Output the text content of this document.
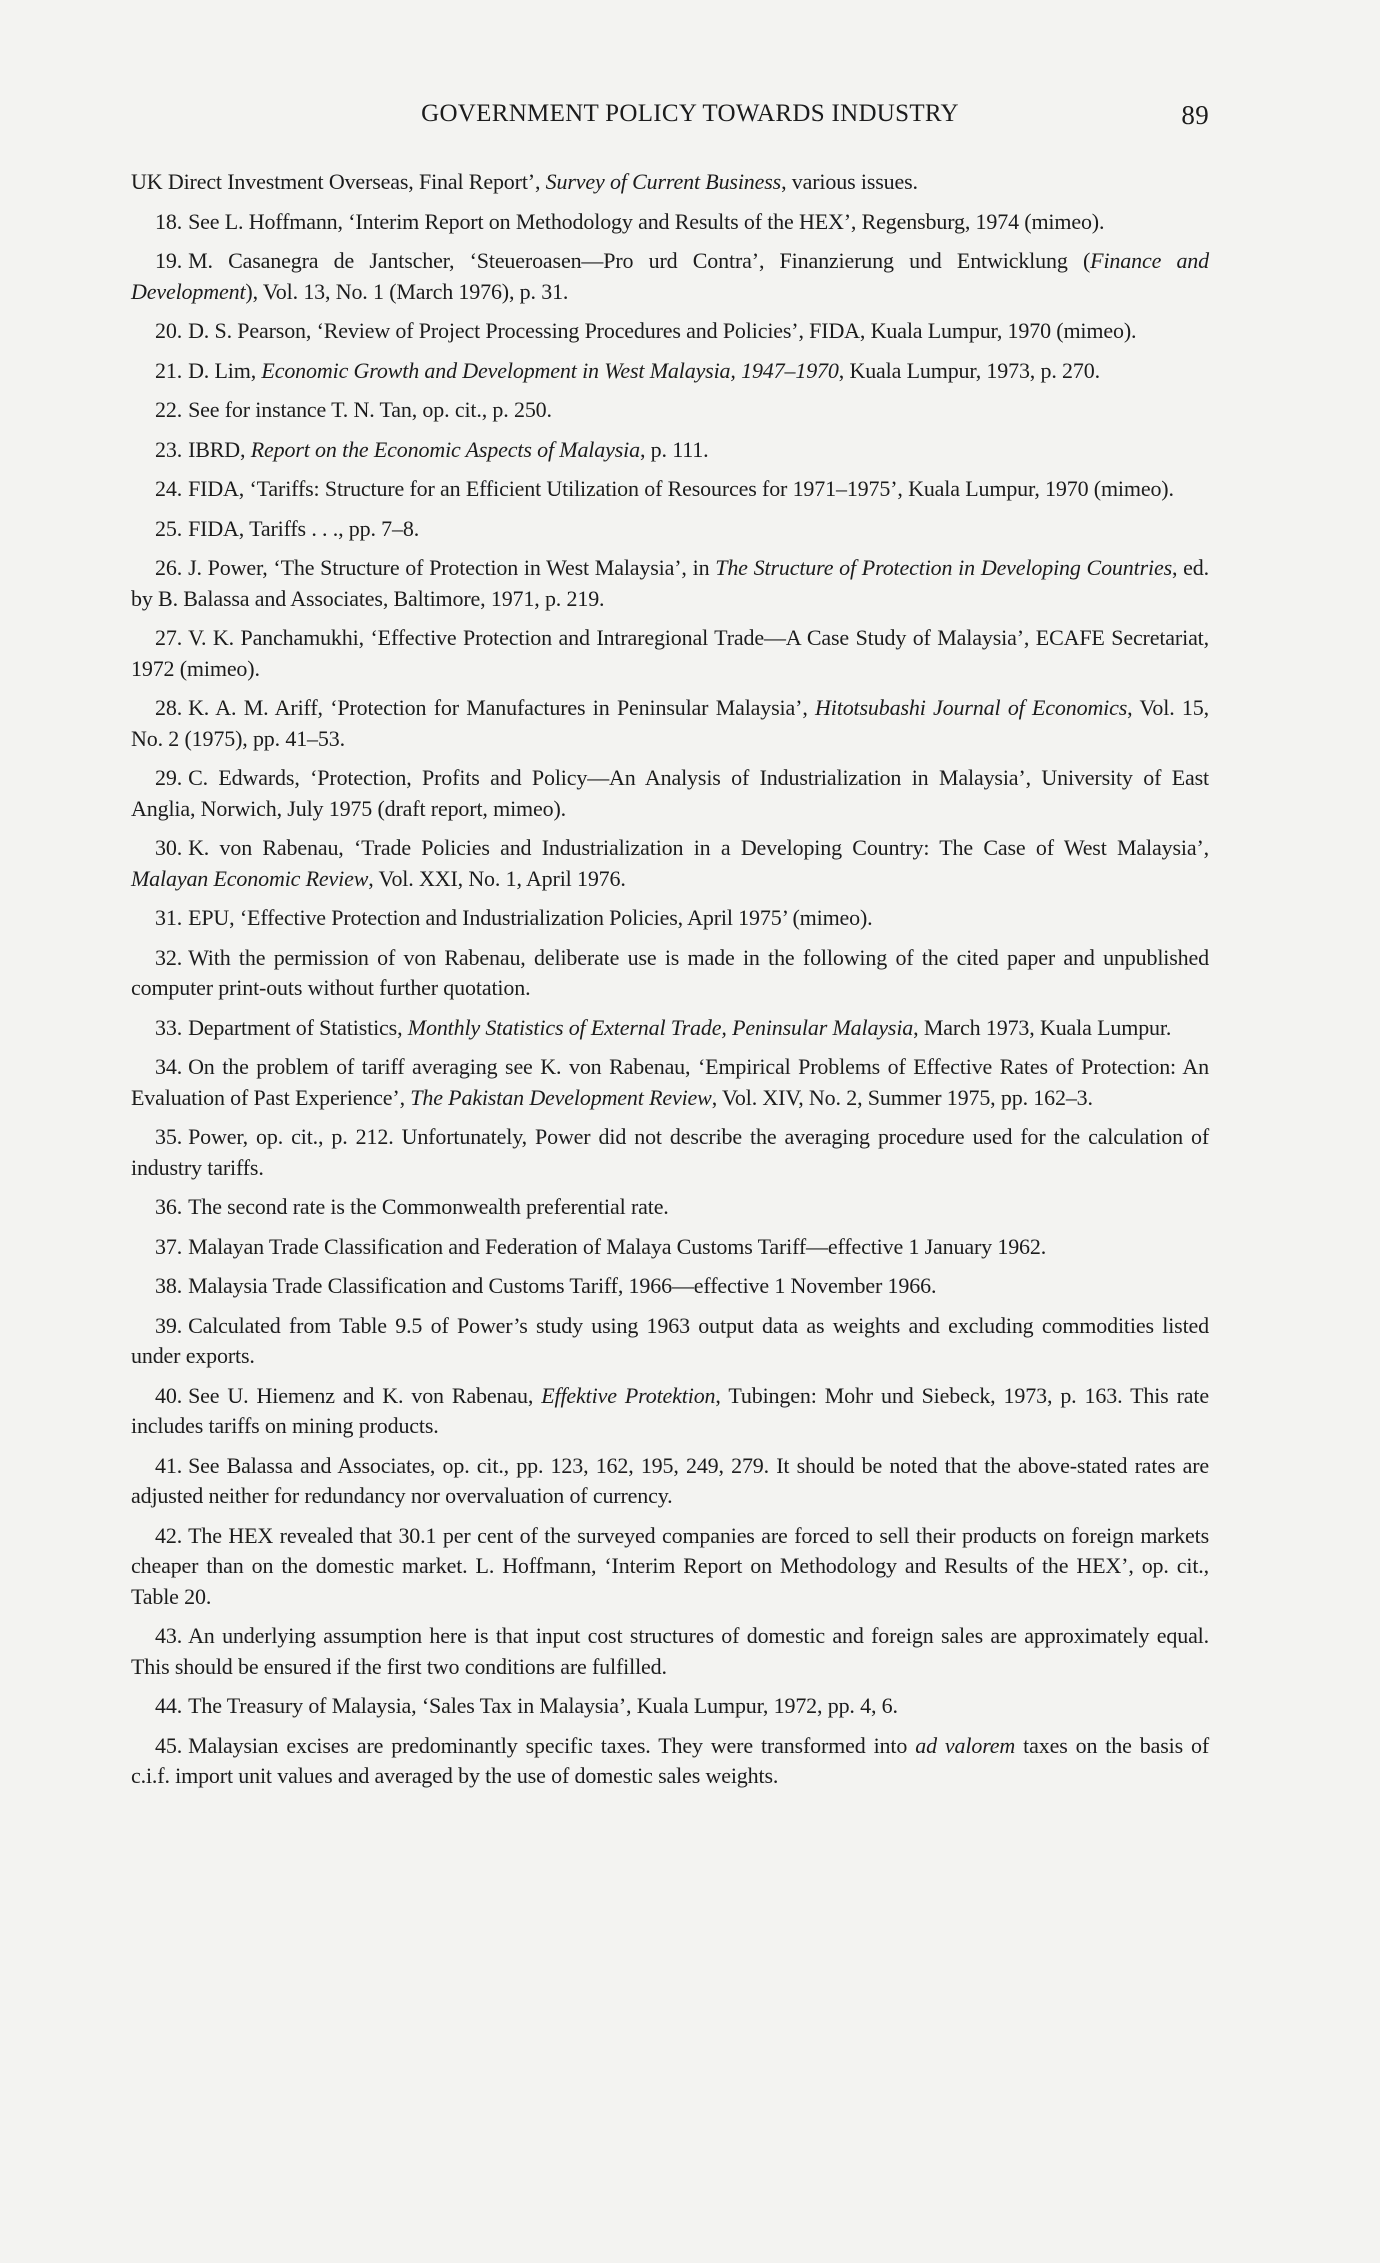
GOVERNMENT POLICY TOWARDS INDUSTRY	89

UK Direct Investment Overseas, Final Report’, Survey of Current Business, various issues.

18. See L. Hoffmann, ‘Interim Report on Methodology and Results of the HEX’, Regensburg, 1974 (mimeo).

19. M. Casanegra de Jantscher, ‘Steueroasen—Pro urd Contra’, Finanzierung und Entwicklung (Finance and Development), Vol. 13, No. 1 (March 1976), p. 31.

20. D. S. Pearson, ‘Review of Project Processing Procedures and Policies’, FIDA, Kuala Lumpur, 1970 (mimeo).

21. D. Lim, Economic Growth and Development in West Malaysia, 1947–1970, Kuala Lumpur, 1973, p. 270.

22. See for instance T. N. Tan, op. cit., p. 250.

23. IBRD, Report on the Economic Aspects of Malaysia, p. 111.

24. FIDA, ‘Tariffs: Structure for an Efficient Utilization of Resources for 1971–1975’, Kuala Lumpur, 1970 (mimeo).

25. FIDA, Tariffs . . ., pp. 7–8.

26. J. Power, ‘The Structure of Protection in West Malaysia’, in The Structure of Protection in Developing Countries, ed. by B. Balassa and Associates, Baltimore, 1971, p. 219.

27. V. K. Panchamukhi, ‘Effective Protection and Intraregional Trade—A Case Study of Malaysia’, ECAFE Secretariat, 1972 (mimeo).

28. K. A. M. Ariff, ‘Protection for Manufactures in Peninsular Malaysia’, Hitotsubashi Journal of Economics, Vol. 15, No. 2 (1975), pp. 41–53.

29. C. Edwards, ‘Protection, Profits and Policy—An Analysis of Industrialization in Malaysia’, University of East Anglia, Norwich, July 1975 (draft report, mimeo).

30. K. von Rabenau, ‘Trade Policies and Industrialization in a Developing Country: The Case of West Malaysia’, Malayan Economic Review, Vol. XXI, No. 1, April 1976.

31. EPU, ‘Effective Protection and Industrialization Policies, April 1975’ (mimeo).

32. With the permission of von Rabenau, deliberate use is made in the following of the cited paper and unpublished computer print-outs without further quotation.

33. Department of Statistics, Monthly Statistics of External Trade, Peninsular Malaysia, March 1973, Kuala Lumpur.

34. On the problem of tariff averaging see K. von Rabenau, ‘Empirical Problems of Effective Rates of Protection: An Evaluation of Past Experience’, The Pakistan Development Review, Vol. XIV, No. 2, Summer 1975, pp. 162–3.

35. Power, op. cit., p. 212. Unfortunately, Power did not describe the averaging procedure used for the calculation of industry tariffs.

36. The second rate is the Commonwealth preferential rate.

37. Malayan Trade Classification and Federation of Malaya Customs Tariff—effective 1 January 1962.

38. Malaysia Trade Classification and Customs Tariff, 1966—effective 1 November 1966.

39. Calculated from Table 9.5 of Power’s study using 1963 output data as weights and excluding commodities listed under exports.

40. See U. Hiemenz and K. von Rabenau, Effektive Protektion, Tubingen: Mohr und Siebeck, 1973, p. 163. This rate includes tariffs on mining products.

41. See Balassa and Associates, op. cit., pp. 123, 162, 195, 249, 279. It should be noted that the above-stated rates are adjusted neither for redundancy nor overvaluation of currency.

42. The HEX revealed that 30.1 per cent of the surveyed companies are forced to sell their products on foreign markets cheaper than on the domestic market. L. Hoffmann, ‘Interim Report on Methodology and Results of the HEX’, op. cit., Table 20.

43. An underlying assumption here is that input cost structures of domestic and foreign sales are approximately equal. This should be ensured if the first two conditions are fulfilled.

44. The Treasury of Malaysia, ‘Sales Tax in Malaysia’, Kuala Lumpur, 1972, pp. 4, 6.

45. Malaysian excises are predominantly specific taxes. They were transformed into ad valorem taxes on the basis of c.i.f. import unit values and averaged by the use of domestic sales weights.
